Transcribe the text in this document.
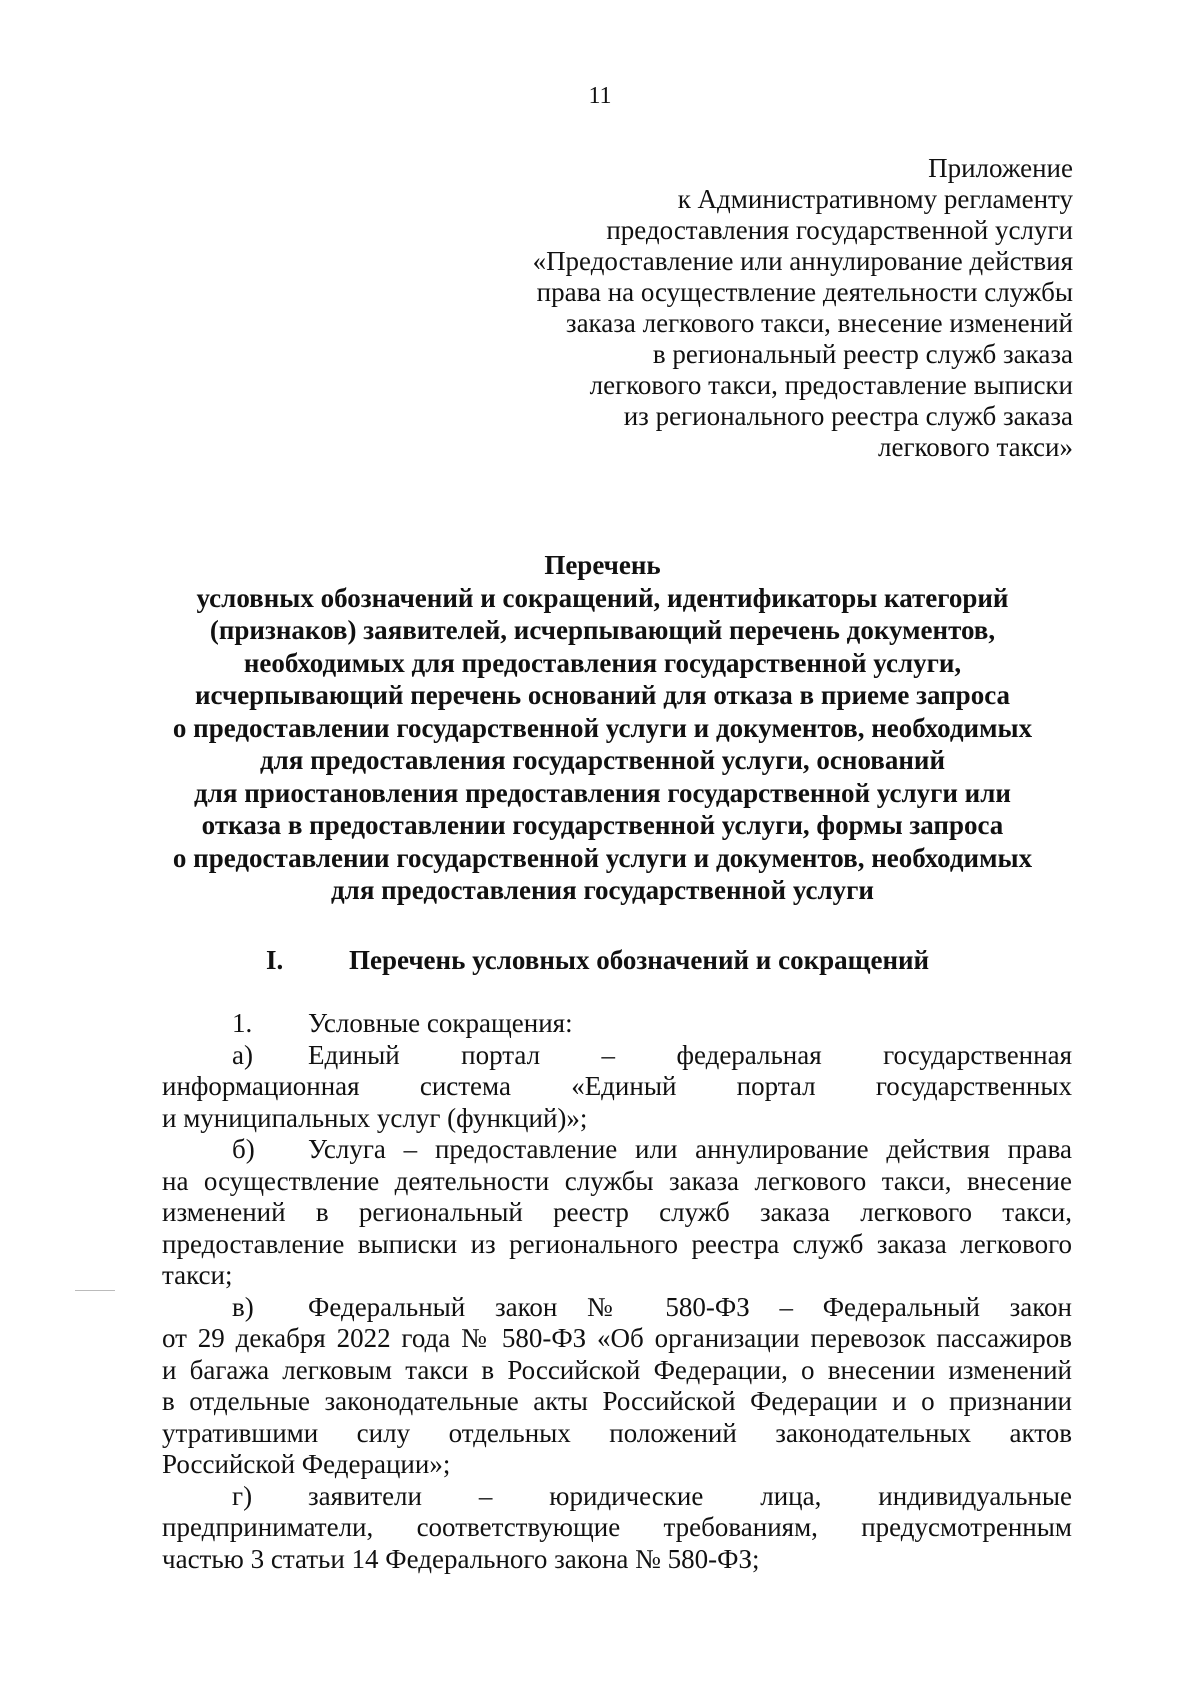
11
Приложение
к Административному регламенту
предоставления государственной услуги
«Предоставление или аннулирование действия
права на осуществление деятельности службы
заказа легкового такси, внесение изменений
в региональный реестр служб заказа
легкового такси, предоставление выписки
из регионального реестра служб заказа
легкового такси»
Перечень
условных обозначений и сокращений, идентификаторы категорий
(признаков) заявителей, исчерпывающий перечень документов,
необходимых для предоставления государственной услуги,
исчерпывающий перечень оснований для отказа в приеме запроса
о предоставлении государственной услуги и документов, необходимых
для предоставления государственной услуги, оснований
для приостановления предоставления государственной услуги или
отказа в предоставлении государственной услуги, формы запроса
о предоставлении государственной услуги и документов, необходимых
для предоставления государственной услуги
I. Перечень условных обозначений и сокращений
1. Условные сокращения:
а)	Единый портал – федеральная государственная
информационная система «Единый портал государственных
и муниципальных услуг (функций)»;
б)	Услуга – предоставление или аннулирование действия права
на осуществление деятельности службы заказа легкового такси, внесение
изменений в региональный реестр служб заказа легкового такси,
предоставление выписки из регионального реестра служб заказа легкового
такси;
в)	Федеральный закон № 580-ФЗ – Федеральный закон
от 29 декабря 2022 года № 580-ФЗ «Об организации перевозок пассажиров
и багажа легковым такси в Российской Федерации, о внесении изменений
в отдельные законодательные акты Российской Федерации и о признании
утратившими силу отдельных положений законодательных актов
Российской Федерации»;
г)	заявители – юридические лица, индивидуальные
предприниматели, соответствующие требованиям, предусмотренным
частью 3 статьи 14 Федерального закона № 580-ФЗ;
